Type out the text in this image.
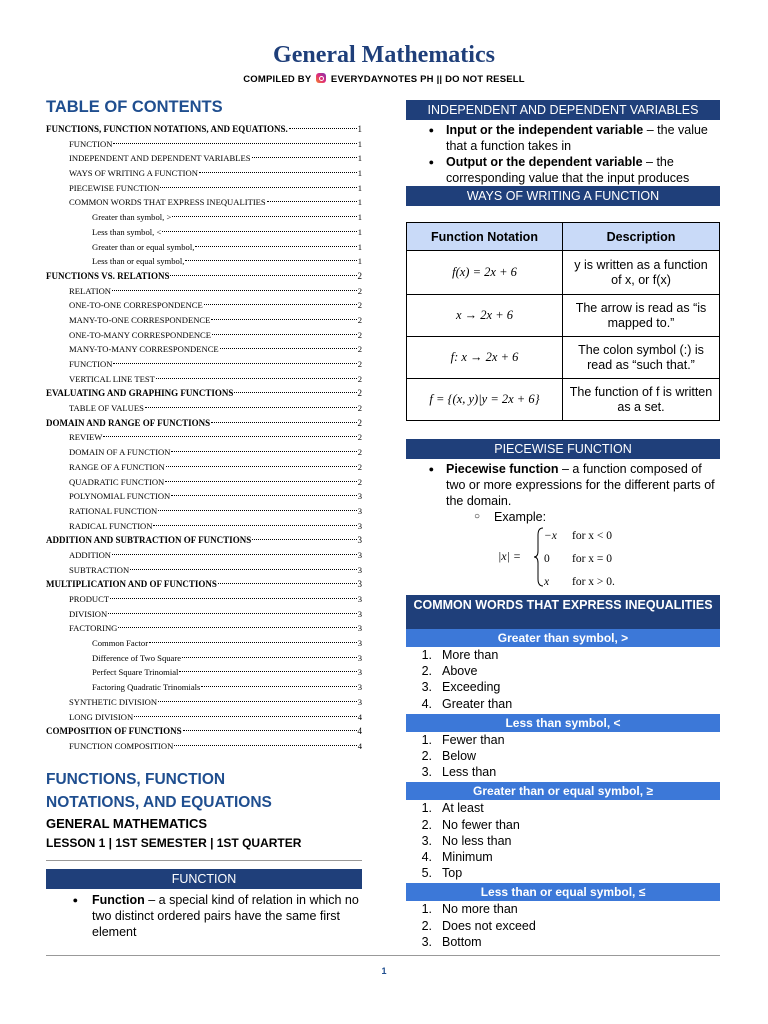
General Mathematics
COMPILED BY EVERYDAYNOTES PH || DO NOT RESELL
TABLE OF CONTENTS
FUNCTIONS, FUNCTION NOTATIONS, AND EQUATIONS.	1
FUNCTION	1
INDEPENDENT AND DEPENDENT VARIABLES	1
WAYS OF WRITING A FUNCTION	1
PIECEWISE FUNCTION	1
COMMON WORDS THAT EXPRESS INEQUALITIES	1
Greater than symbol, >	1
Less than symbol, <	1
Greater than or equal symbol,	1
Less than or equal symbol,	1
FUNCTIONS VS. RELATIONS	2
RELATION	2
ONE-TO-ONE CORRESPONDENCE	2
MANY-TO-ONE CORRESPONDENCE	2
ONE-TO-MANY CORRESPONDENCE	2
MANY-TO-MANY CORRESPONDENCE	2
FUNCTION	2
VERTICAL LINE TEST	2
EVALUATING AND GRAPHING FUNCTIONS	2
TABLE OF VALUES	2
DOMAIN AND RANGE OF FUNCTIONS	2
REVIEW	2
DOMAIN OF A FUNCTION	2
RANGE OF A FUNCTION	2
QUADRATIC FUNCTION	2
POLYNOMIAL FUNCTION	3
RATIONAL FUNCTION	3
RADICAL FUNCTION	3
ADDITION AND SUBTRACTION OF FUNCTIONS	3
ADDITION	3
SUBTRACTION	3
MULTIPLICATION AND OF FUNCTIONS	3
PRODUCT	3
DIVISION	3
FACTORING	3
Common Factor	3
Difference of Two Square	3
Perfect Square Trinomial	3
Factoring Quadratic Trinomials	3
SYNTHETIC DIVISION	3
LONG DIVISION	4
COMPOSITION OF FUNCTIONS	4
FUNCTION COMPOSITION	4
FUNCTIONS, FUNCTION
NOTATIONS, AND EQUATIONS
GENERAL MATHEMATICS
LESSON 1 | 1ST SEMESTER | 1ST QUARTER
FUNCTION
●	Function – a special kind of relation in which no two distinct ordered pairs have the same first element
INDEPENDENT AND DEPENDENT VARIABLES
● Input or the independent variable – the value that a function takes in
● Output or the dependent variable – the corresponding value that the input produces
WAYS OF WRITING A FUNCTION
Function Notation	Description
f(x) = 2x + 6	y is written as a function of x, or f(x)
x → 2x + 6	The arrow is read as “is mapped to.”
f: x → 2x + 6	The colon symbol (:) is read as “such that.”
f = {(x, y)|y = 2x + 6}	The function of f is written as a set.
PIECEWISE FUNCTION
● Piecewise function – a function composed of two or more expressions for the different parts of the domain.
○	Example:
|x| =
−x for x < 0
0 for x = 0
x for x > 0.
COMMON WORDS THAT EXPRESS INEQUALITIES
Greater than symbol, >
1. More than
2. Above
3. Exceeding
4. Greater than
Less than symbol, <
1. Fewer than
2. Below
3. Less than
Greater than or equal symbol, ≥
1. At least
2. No fewer than
3. No less than
4. Minimum
5. Top
Less than or equal symbol, ≤
1. No more than
2. Does not exceed
3. Bottom
1
